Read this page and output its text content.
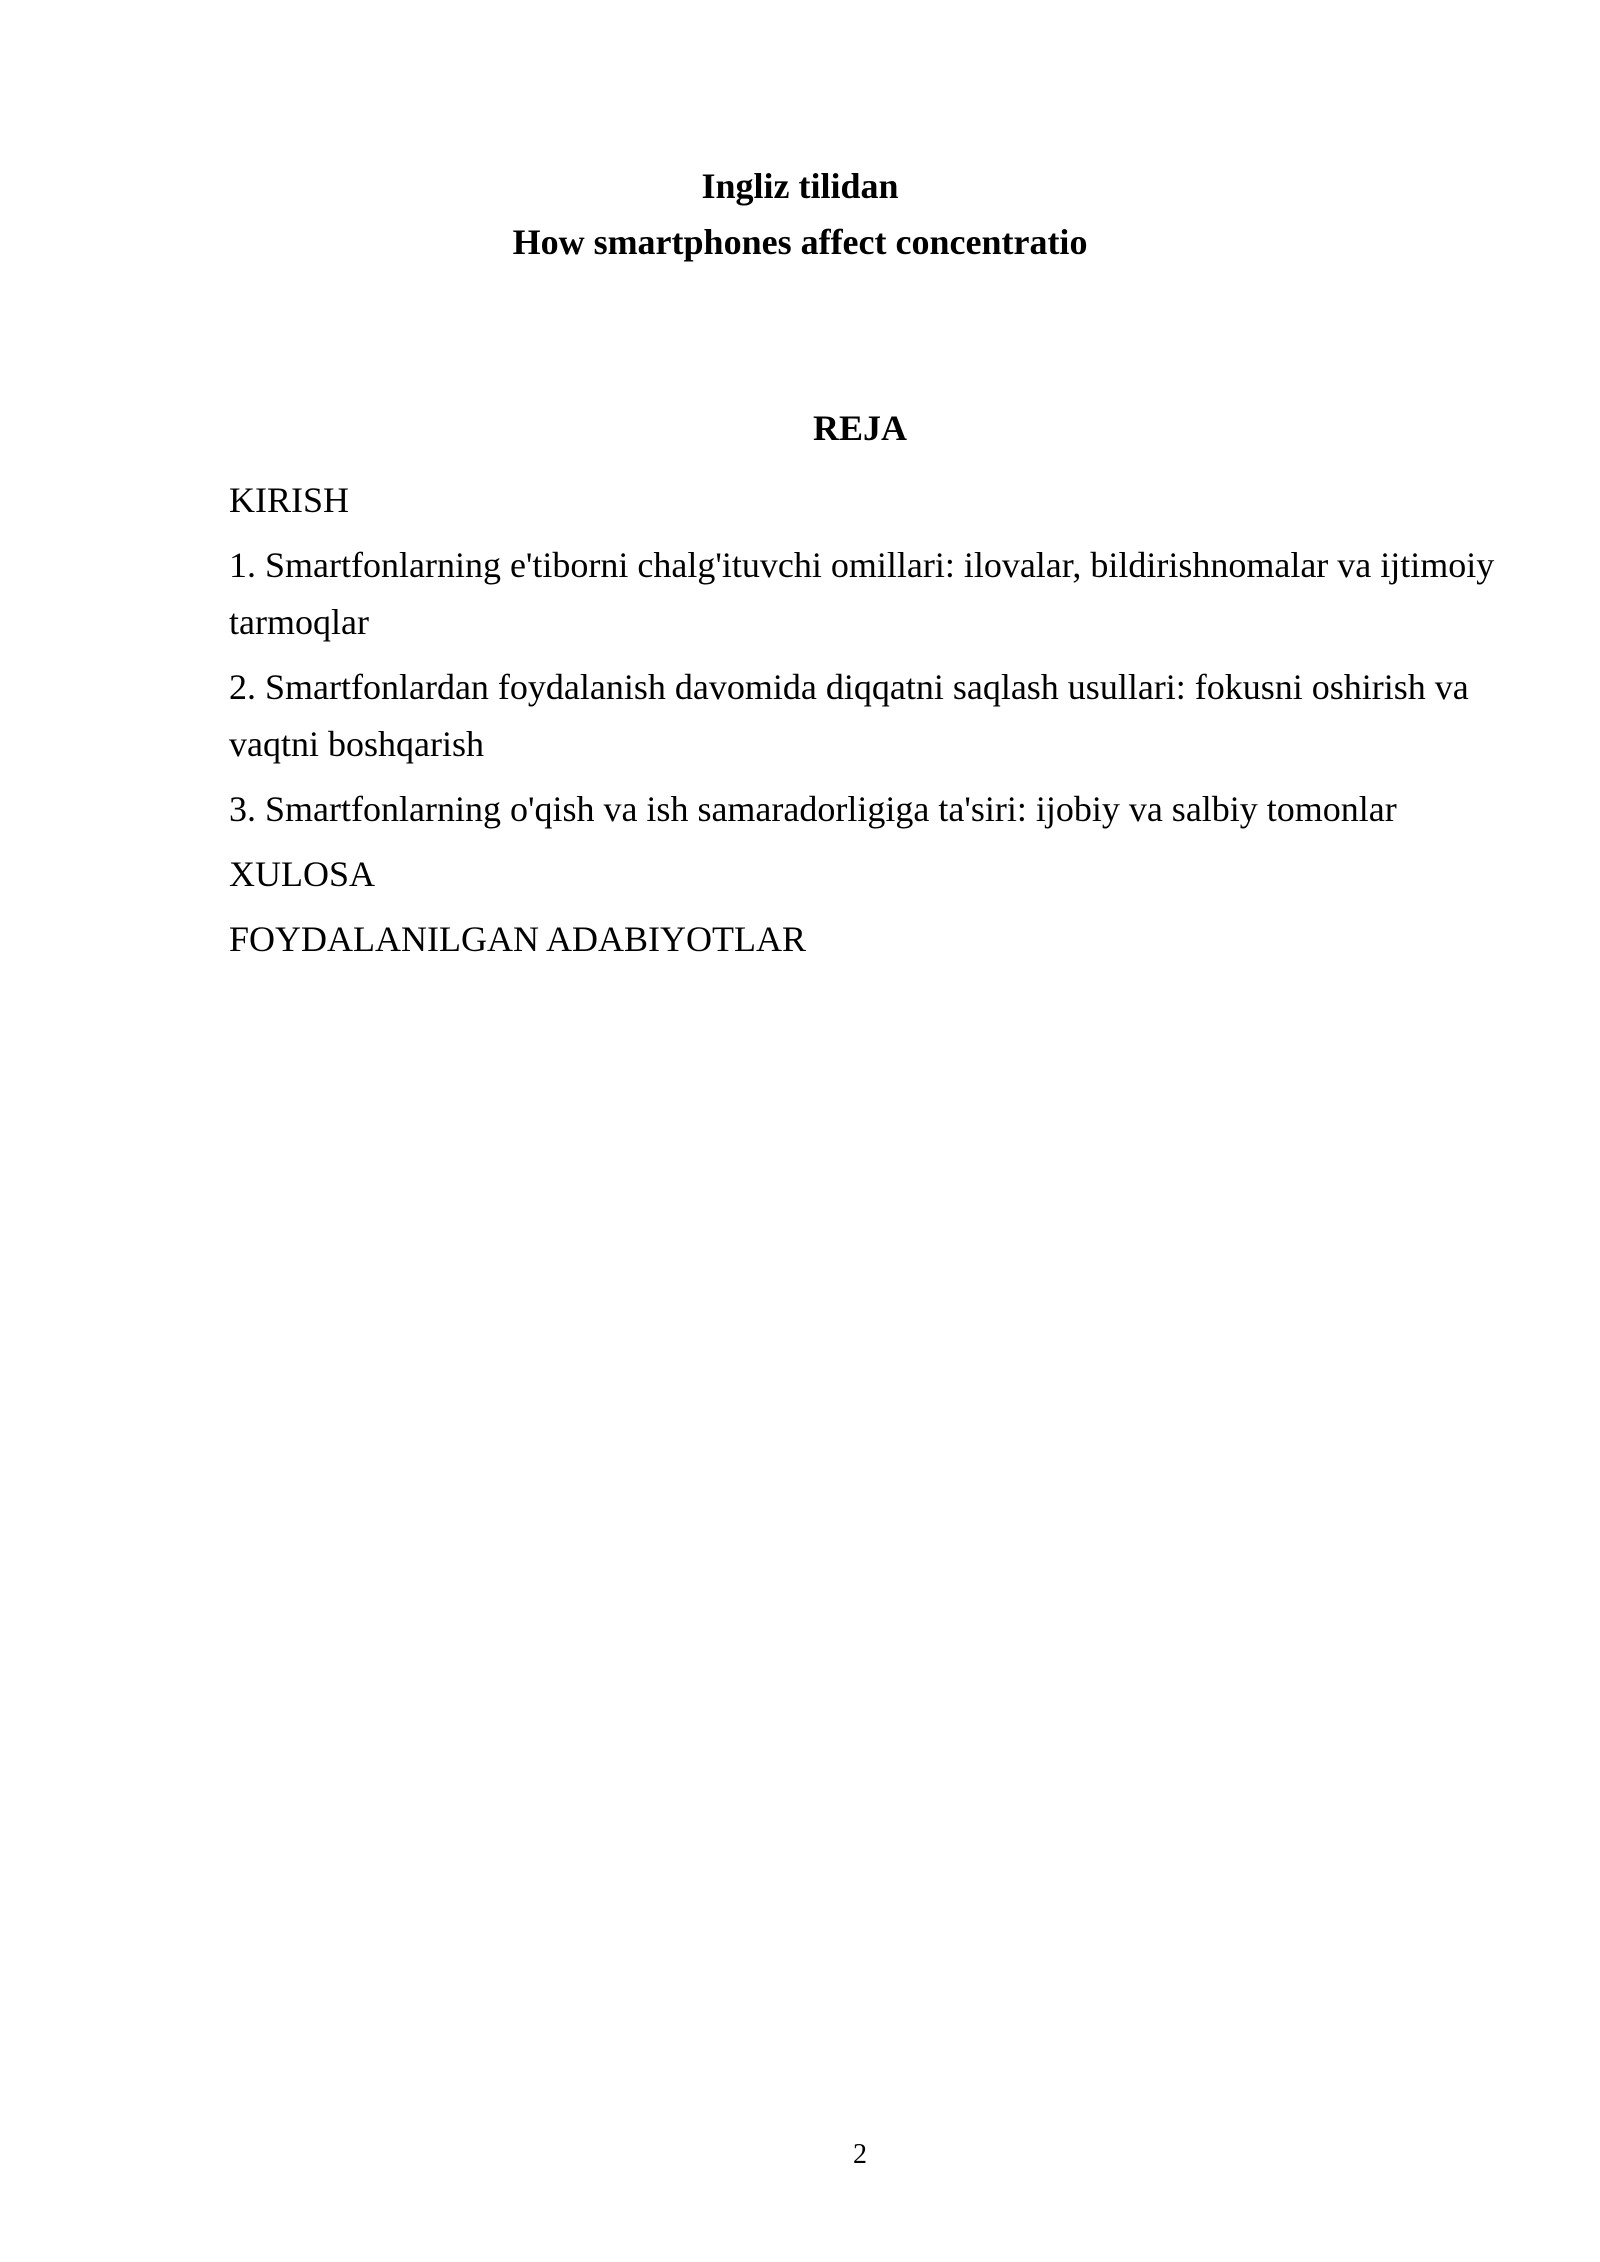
Ingliz tilidan
How smartphones affect concentratio
REJA
KIRISH
1. Smartfonlarning e'tiborni chalg'ituvchi omillari: ilovalar, bildirishnomalar va ijtimoiy tarmoqlar
2. Smartfonlardan foydalanish davomida diqqatni saqlash usullari: fokusni oshirish va vaqtni boshqarish
3. Smartfonlarning o'qish va ish samaradorligiga ta'siri: ijobiy va salbiy tomonlar
XULOSA
FOYDALANILGAN ADABIYOTLAR
2
